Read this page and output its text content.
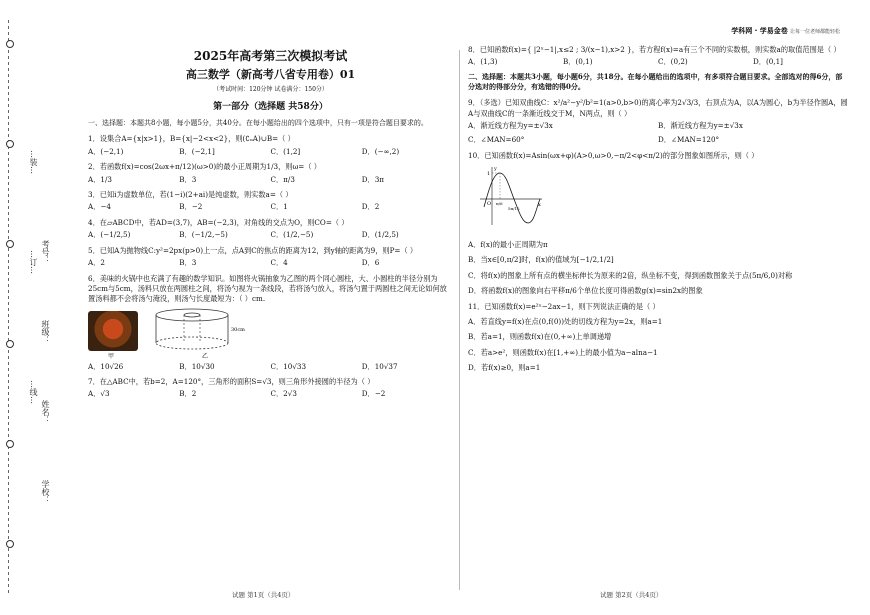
…装…
…订…
…线…
学校：
姓名：
班级：
考号：
学科网 · 学易金卷 让每一位老师都能轻松
2025年高考第三次模拟考试
高三数学（新高考八省专用卷）01
（考试时间：120分钟 试卷满分：150分）
第一部分（选择题 共58分）
一、选择题：本题共8小题，每小题5分，共40分。在每小题给出的四个选项中，只有一项是符合题目要求的。
1．设集合A={x|x>1}，B={x|−2<x<2}，则(∁ᵤA)∪B=（ ）
A．(−2,1)	B．(−2,1]	C．(1,2]	D．(−∞,2)
2．若函数f(x)=cos(2ωx+π/12)(ω>0)的最小正周期为1/3，则ω=（ ）
A．1/3	B．3	C．π/3	D．3π
3．已知i为虚数单位，若(1−i)(2+ai)是纯虚数，则实数a=（ ）
A．−4	B．−2	C．1	D．2
4．在▱ABCD中，若AD=(3,7)，AB=(−2,3)，对角线的交点为O，则CO=（ ）
A．(−1/2,5)	B．(−1/2,−5)	C．(1/2,−5)	D．(1/2,5)
5．已知A为抛物线C:y²=2px(p>0)上一点，点A到C的焦点的距离为12，到y轴的距离为9，则P=（ ）
A．2	B．3	C．4	D．6
6．美味的火锅中也充满了有趣的数学知识。如图将火锅抽象为乙图的两个同心圆柱，大、小圆柱的半径分别为25cm与5cm，汤料只放在两圆柱之间，将汤勺视为一条线段，若将汤勺放入，将汤勺置于两圆柱之间无论如何放置汤料都不会将汤勺淹没，则汤勺长度最短为：（ ）cm.
30cm
甲	乙
A．10√26	B．10√30	C．10√33	D．10√37
7．在△ABC中，若b=2，A=120°，三角形的面积S=√3，则三角形外接圆的半径为（ ）
A．√3	B．2	C．2√3	D．−2
试题 第1页（共4页）
8．已知函数f(x)={ |2ˣ−1|,x≤2 ; 3/(x−1),x>2 }，若方程f(x)=a有三个不同的实数根，则实数a的取值范围是（ ）
A．(1,3)	B．(0,1)	C．(0,2)	D．(0,1]
二、选择题：本题共3小题，每小题6分，共18分。在每小题给出的选项中，有多项符合题目要求。全部选对的得6分，部分选对的得部分分，有选错的得0分。
9．（多选）已知双曲线C：x²/a²−y²/b²=1(a>0,b>0)的离心率为2√3/3，右顶点为A，以A为圆心，b为半径作圆A，圆A与双曲线C的一条渐近线交于M，N两点，则（ ）
A．渐近线方程为y=±√3x	B．渐近线方程为y=±√3x
C．∠MAN=60°	D．∠MAN=120°
10．已知函数f(x)=Asin(ωx+φ)(A>0,ω>0,−π/2<φ<π/2)的部分图象如图所示，则（ ）
y
x
O
1
π/6
5π/12
A．f(x)的最小正周期为π
B．当x∈[0,π/2]时，f(x)的值域为[−1/2,1/2]
C．将f(x)的图象上所有点的横坐标伸长为原来的2倍，纵坐标不变，得到函数图象关于点(5π/6,0)对称
D．将函数f(x)的图象向右平移π/6个单位长度可得函数g(x)=sin2x的图象
11．已知函数f(x)=e²ˣ−2ax−1，则下列说法正确的是（ ）
A．若直线y=f(x)在点(0,f(0))处的切线方程为y=2x，则a=1
B．若a=1，则函数f(x)在(0,+∞)上单调递增
C．若a>e²，则函数f(x)在[1,+∞)上的最小值为a−alna−1
D．若f(x)≥0，则a=1
试题 第2页（共4页）
